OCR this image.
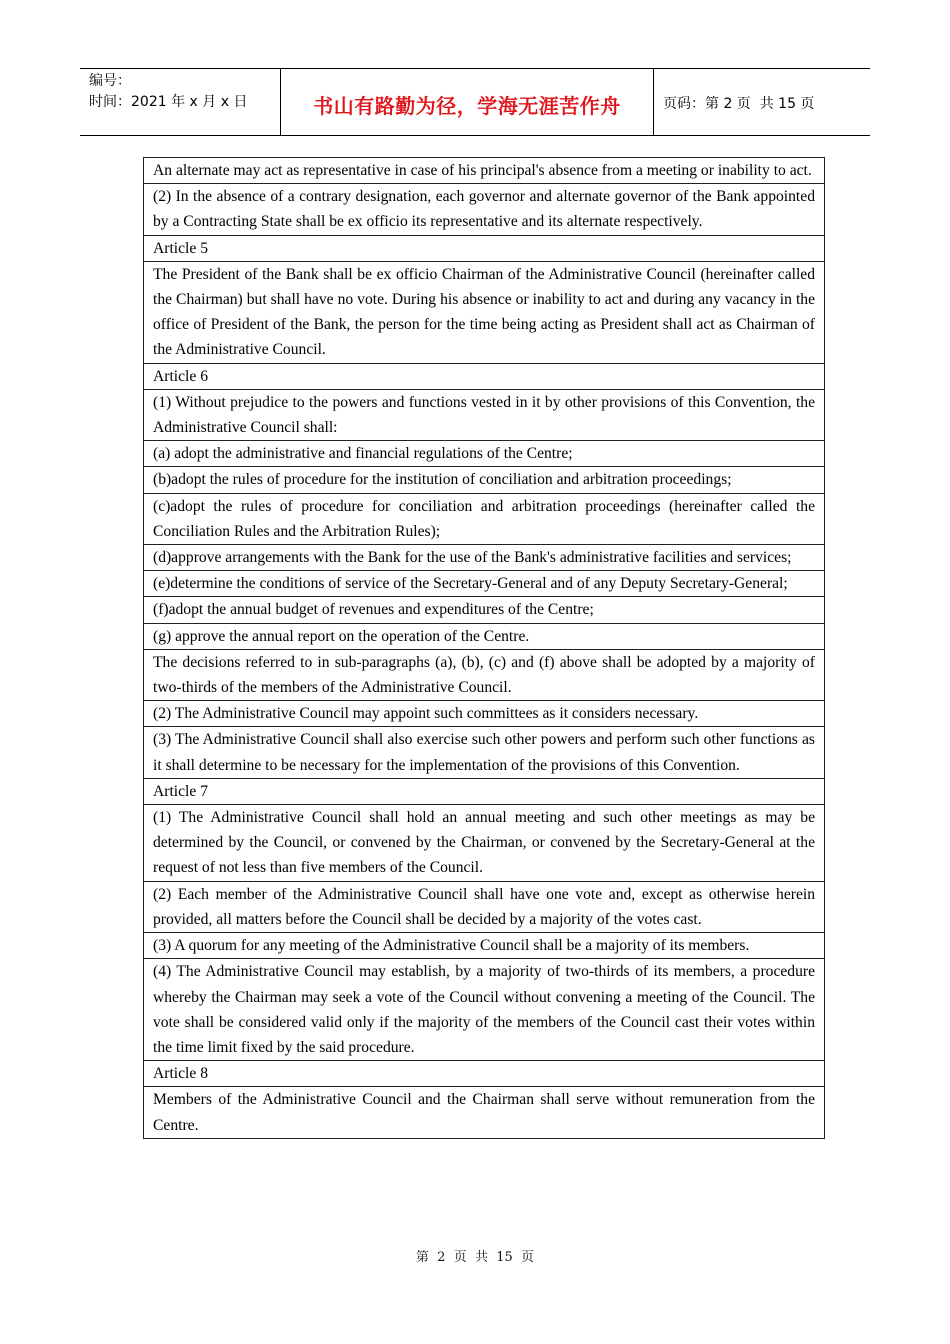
编号：
时间：2021 年 x 月 x 日	书山有路勤为径，学海无涯苦作舟	页码：第 2 页  共 15 页
An alternate may act as representative in case of his principal's absence from a meeting or inability to act.
(2) In the absence of a contrary designation, each governor and alternate governor of the Bank appointed by a Contracting State shall be ex officio its representative and its alternate respectively.
Article 5
The President of the Bank shall be ex officio Chairman of the Administrative Council (hereinafter called the Chairman) but shall have no vote. During his absence or inability to act and during any vacancy in the office of President of the Bank, the person for the time being acting as President shall act as Chairman of the Administrative Council.
Article 6
(1) Without prejudice to the powers and functions vested in it by other provisions of this Convention, the Administrative Council shall:
(a) adopt the administrative and financial regulations of the Centre;
(b)adopt the rules of procedure for the institution of conciliation and arbitration proceedings;
(c)adopt the rules of procedure for conciliation and arbitration proceedings (hereinafter called the Conciliation Rules and the Arbitration Rules);
(d)approve arrangements with the Bank for the use of the Bank's administrative facilities and services;
(e)determine the conditions of service of the Secretary-General and of any Deputy Secretary-General;
(f)adopt the annual budget of revenues and expenditures of the Centre;
(g) approve the annual report on the operation of the Centre.
The decisions referred to in sub-paragraphs (a), (b), (c) and (f) above shall be adopted by a majority of two-thirds of the members of the Administrative Council.
(2) The Administrative Council may appoint such committees as it considers necessary.
(3) The Administrative Council shall also exercise such other powers and perform such other functions as it shall determine to be necessary for the implementation of the provisions of this Convention.
Article 7
(1) The Administrative Council shall hold an annual meeting and such other meetings as may be determined by the Council, or convened by the Chairman, or convened by the Secretary-General at the request of not less than five members of the Council.
(2) Each member of the Administrative Council shall have one vote and, except as otherwise herein provided, all matters before the Council shall be decided by a majority of the votes cast.
(3) A quorum for any meeting of the Administrative Council shall be a majority of its members.
(4) The Administrative Council may establish, by a majority of two-thirds of its members, a procedure whereby the Chairman may seek a vote of the Council without convening a meeting of the Council. The vote shall be considered valid only if the majority of the members of the Council cast their votes within the time limit fixed by the said procedure.
Article 8
Members of the Administrative Council and the Chairman shall serve without remuneration from the Centre.
第  2  页  共  15  页
